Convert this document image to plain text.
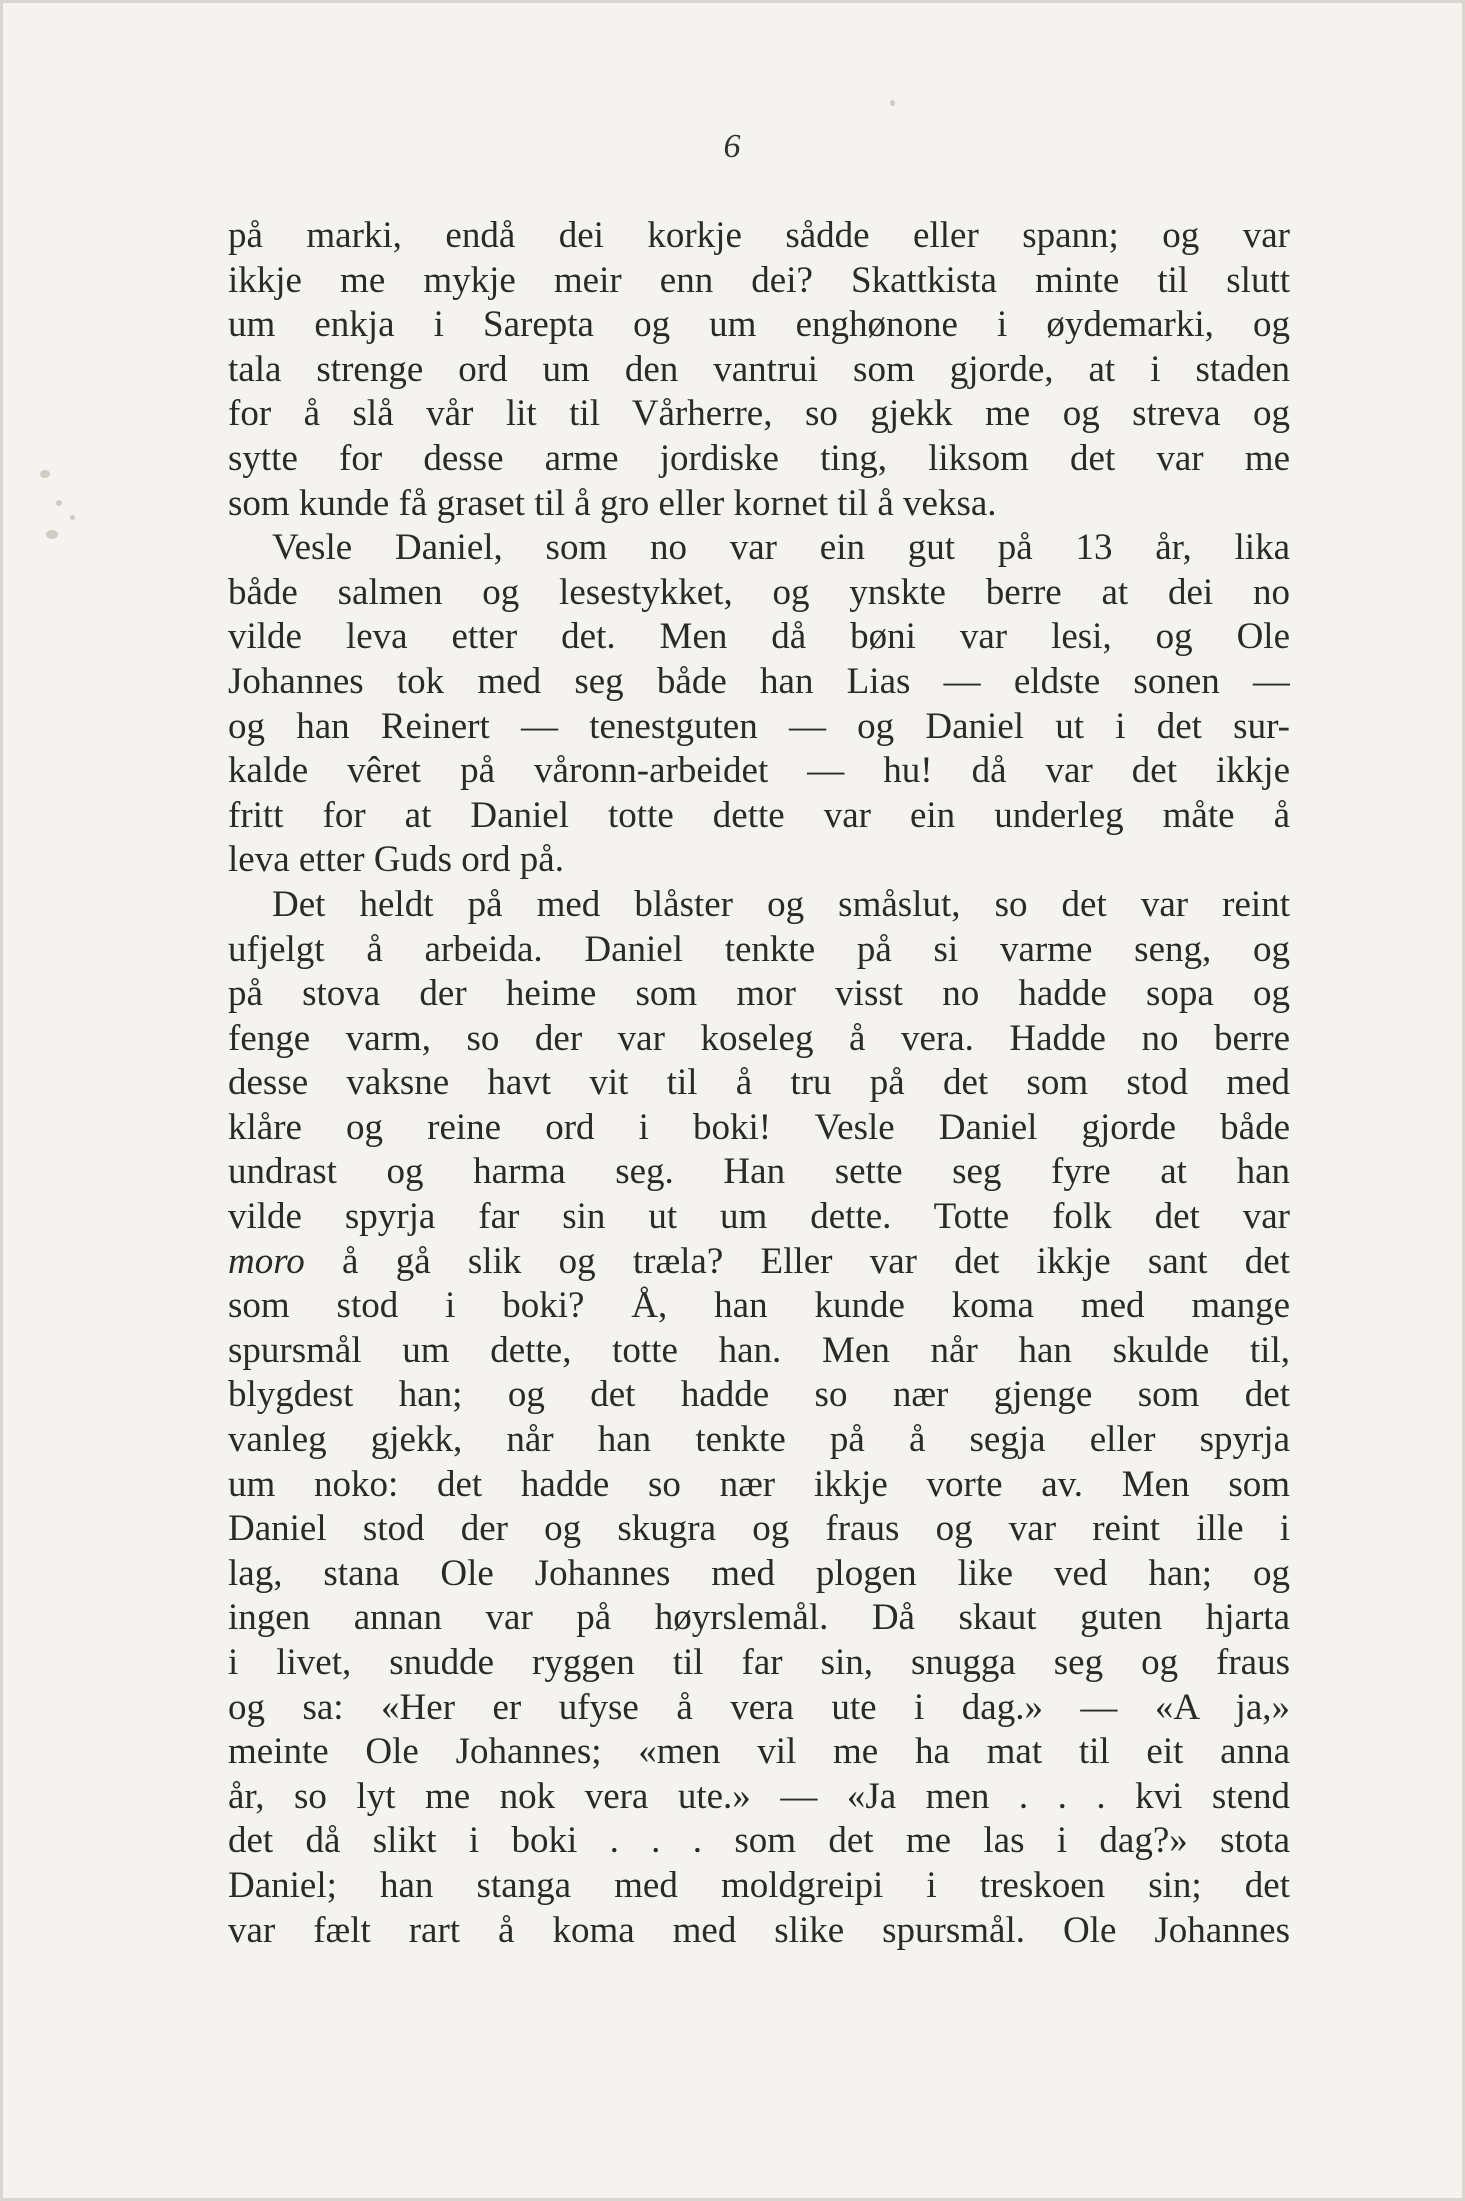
6
på marki, endå dei korkje sådde eller spann; og var
ikkje me mykje meir enn dei? Skattkista minte til slutt
um enkja i Sarepta og um enghønone i øydemarki, og
tala strenge ord um den vantrui som gjorde, at i staden
for å slå vår lit til Vårherre, so gjekk me og streva og
sytte for desse arme jordiske ting, liksom det var me
som kunde få graset til å gro eller kornet til å veksa.
Vesle Daniel, som no var ein gut på 13 år, lika
både salmen og lesestykket, og ynskte berre at dei no
vilde leva etter det. Men då bøni var lesi, og Ole
Johannes tok med seg både han Lias — eldste sonen —
og han Reinert — tenestguten — og Daniel ut i det sur-
kalde vêret på våronn-arbeidet — hu! då var det ikkje
fritt for at Daniel totte dette var ein underleg måte å
leva etter Guds ord på.
Det heldt på med blåster og småslut, so det var reint
ufjelgt å arbeida. Daniel tenkte på si varme seng, og
på stova der heime som mor visst no hadde sopa og
fenge varm, so der var koseleg å vera. Hadde no berre
desse vaksne havt vit til å tru på det som stod med
klåre og reine ord i boki! Vesle Daniel gjorde både
undrast og harma seg. Han sette seg fyre at han
vilde spyrja far sin ut um dette. Totte folk det var
moro å gå slik og træla? Eller var det ikkje sant det
som stod i boki? Å, han kunde koma med mange
spursmål um dette, totte han. Men når han skulde til,
blygdest han; og det hadde so nær gjenge som det
vanleg gjekk, når han tenkte på å segja eller spyrja
um noko: det hadde so nær ikkje vorte av. Men som
Daniel stod der og skugra og fraus og var reint ille i
lag, stana Ole Johannes med plogen like ved han; og
ingen annan var på høyrslemål. Då skaut guten hjarta
i livet, snudde ryggen til far sin, snugga seg og fraus
og sa: «Her er ufyse å vera ute i dag.» — «A ja,»
meinte Ole Johannes; «men vil me ha mat til eit anna
år, so lyt me nok vera ute.» — «Ja men . . . kvi stend
det då slikt i boki . . . som det me las i dag?» stota
Daniel; han stanga med moldgreipi i treskoen sin; det
var fælt rart å koma med slike spursmål. Ole Johannes
